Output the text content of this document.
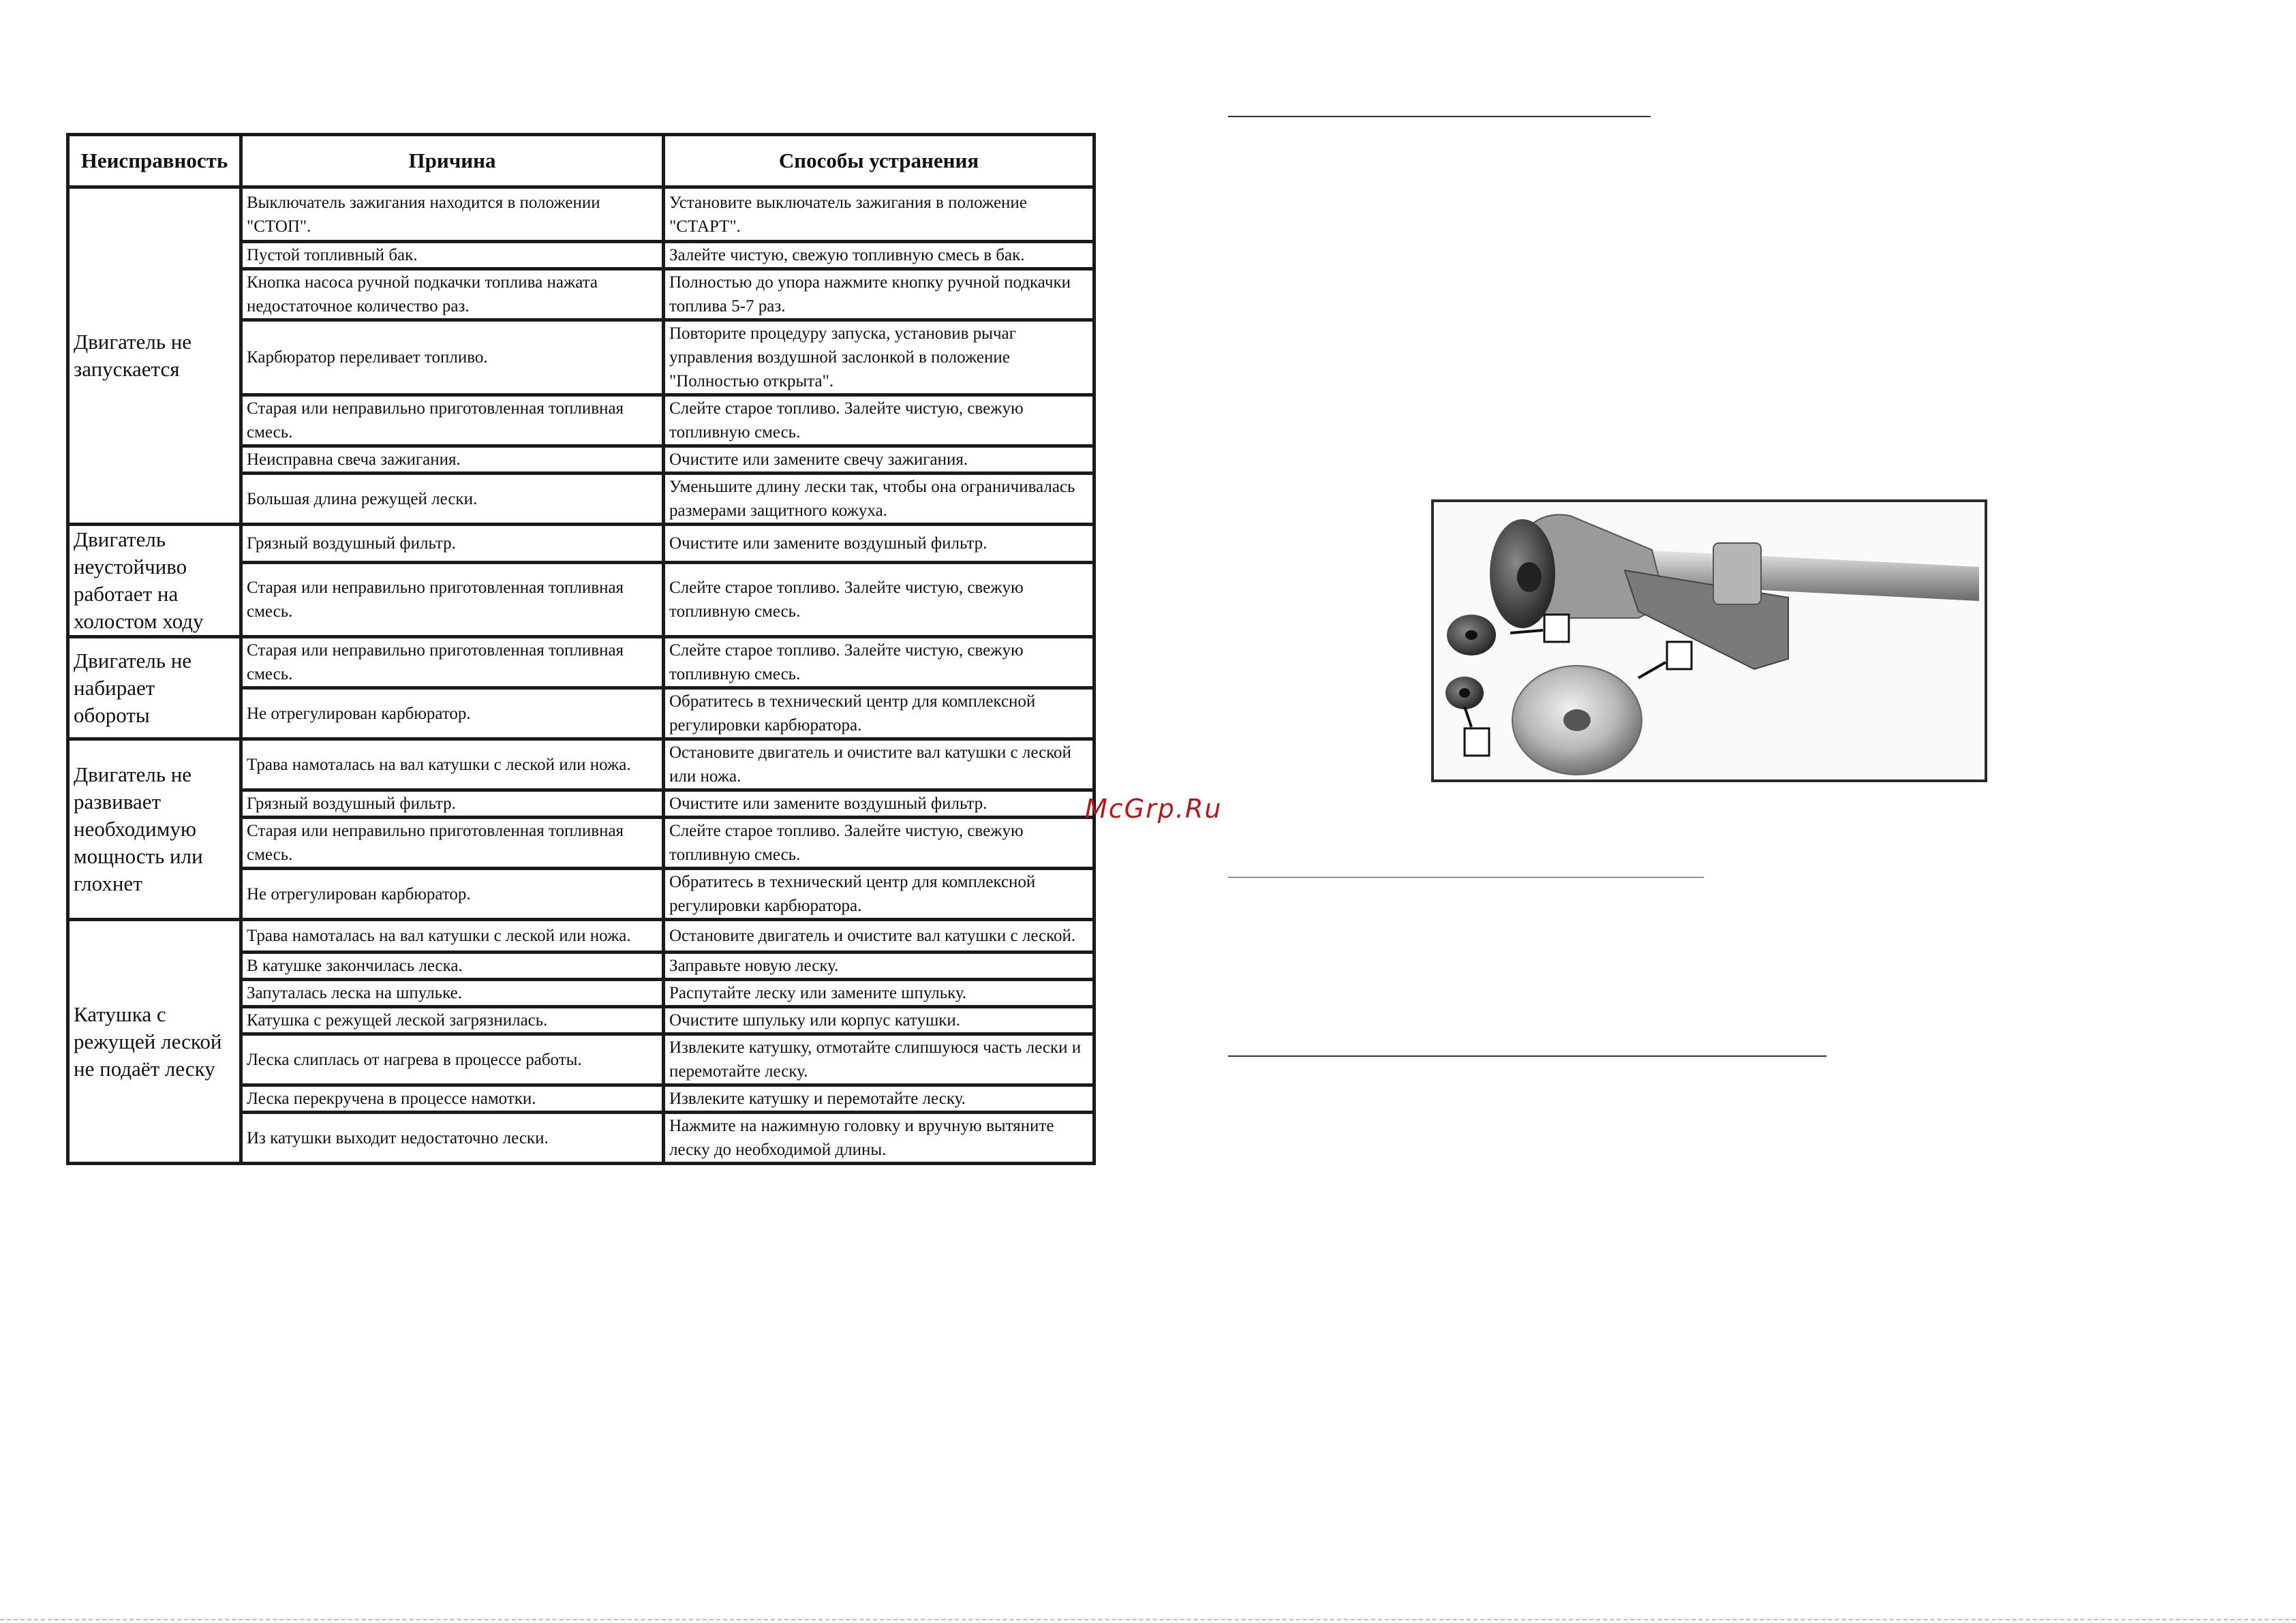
Неисправность	Причина	Способы устранения
Двигатель не запускается	Выключатель зажигания находится в положении "СТОП".	Установите выключатель зажигания в положение "СТАРТ".
	Пустой топливный бак.	Залейте чистую, свежую топливную смесь в бак.
	Кнопка насоса ручной подкачки топлива нажата недостаточное количество раз.	Полностью до упора нажмите кнопку ручной подкачки топлива 5-7 раз.
	Карбюратор переливает топливо.	Повторите процедуру запуска, установив рычаг управления воздушной заслонкой в положение "Полностью открыта".
	Старая или неправильно приготовленная топливная смесь.	Слейте старое топливо. Залейте чистую, свежую топливную смесь.
	Неисправна свеча зажигания.	Очистите или замените свечу зажигания.
	Большая длина режущей лески.	Уменьшите длину лески так, чтобы она ограничивалась размерами защитного кожуха.
Двигатель неустойчиво работает на холостом ходу	Грязный воздушный фильтр.	Очистите или замените воздушный фильтр.
	Старая или неправильно приготовленная топливная смесь.	Слейте старое топливо. Залейте чистую, свежую топливную смесь.
Двигатель не набирает обороты	Старая или неправильно приготовленная топливная смесь.	Слейте старое топливо. Залейте чистую, свежую топливную смесь.
	Не отрегулирован карбюратор.	Обратитесь в технический центр для комплексной регулировки карбюратора.
Двигатель не развивает необходимую мощность или глохнет	Трава намоталась на вал катушки с леской или ножа.	Остановите двигатель и очистите вал катушки с леской или ножа.
	Грязный воздушный фильтр.	Очистите или замените воздушный фильтр.
	Старая или неправильно приготовленная топливная смесь.	Слейте старое топливо. Залейте чистую, свежую топливную смесь.
	Не отрегулирован карбюратор.	Обратитесь в технический центр для комплексной регулировки карбюратора.
Катушка с режущей леской не подаёт леску	Трава намоталась на вал катушки с леской или ножа.	Остановите двигатель и очистите вал катушки с леской.
	В катушке закончилась леска.	Заправьте новую леску.
	Запуталась леска на шпульке.	Распутайте леску или замените шпульку.
	Катушка с режущей леской загрязнилась.	Очистите шпульку или корпус катушки.
	Леска слиплась от нагрева в процессе работы.	Извлеките катушку, отмотайте слипшуюся часть лески и перемотайте леску.
	Леска перекручена в процессе намотки.	Извлеките катушку и перемотайте леску.
	Из катушки выходит недостаточно лески.	Нажмите на нажимную головку и вручную вытяните леску до необходимой длины.
McGrp.Ru
